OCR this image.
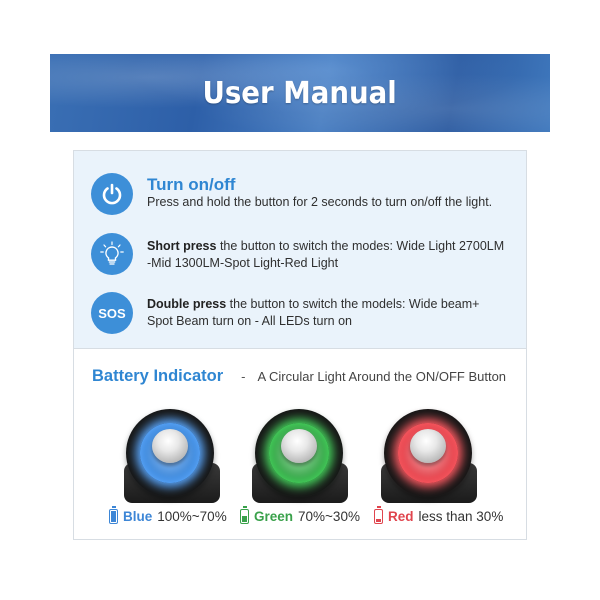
User Manual
Turn on/off
Press and hold the button for 2 seconds to turn on/off the light.
Short press the button to switch the modes: Wide Light 2700LM -Mid 1300LM-Spot Light-Red Light
SOS
Double press the button to switch the models: Wide beam+ Spot Beam turn on - All LEDs turn on
Battery Indicator - A Circular Light Around the ON/OFF Button
Blue 100%~70% Green 70%~30% Red less than 30%
